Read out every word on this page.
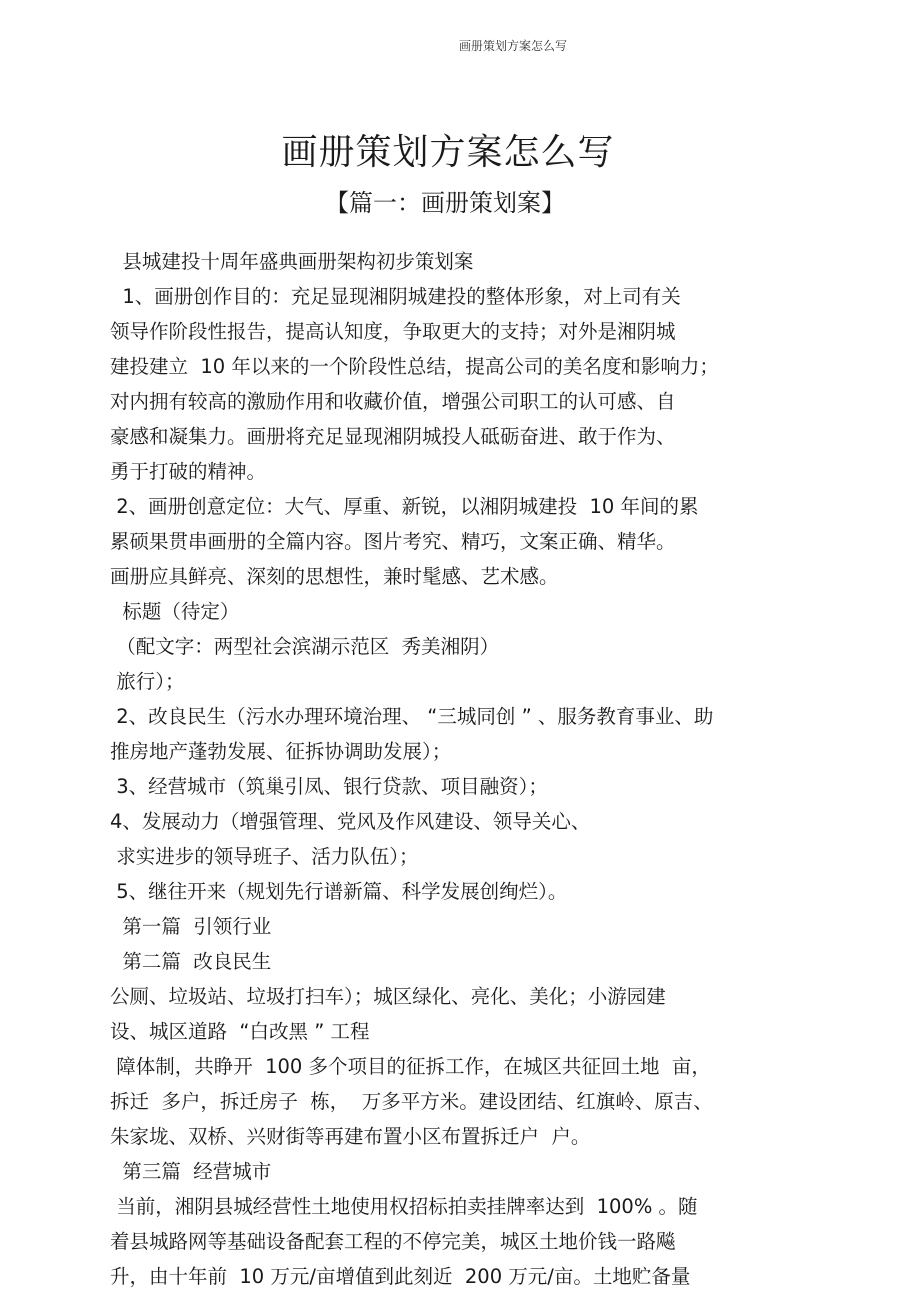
画册策划方案怎么写
画册策划方案怎么写
【篇一：画册策划案】
县城建投十周年盛典画册架构初步策划案
1、画册创作目的：充足显现湘阴城建投的整体形象，对上司有关
领导作阶段性报告，提高认知度，争取更大的支持；对外是湘阴城
建投建立  10 年以来的一个阶段性总结，提高公司的美名度和影响力；
对内拥有较高的激励作用和收藏价值，增强公司职工的认可感、自
豪感和凝集力。画册将充足显现湘阴城投人砥砺奋进、敢于作为、
勇于打破的精神。
2、画册创意定位：大气、厚重、新锐，以湘阴城建投  10 年间的累
累硕果贯串画册的全篇内容。图片考究、精巧，文案正确、精华。
画册应具鲜亮、深刻的思想性，兼时髦感、艺术感。
标题（待定）
（配文字：两型社会滨湖示范区  秀美湘阴）
旅行）；
2、改良民生（污水办理环境治理、 “三城同创 ” 、服务教育事业、助
推房地产蓬勃发展、征拆协调助发展）；
3、经营城市（筑巢引凤、银行贷款、项目融资）；
4、发展动力（增强管理、党风及作风建设、领导关心、
求实进步的领导班子、活力队伍）；
5、继往开来（规划先行谱新篇、科学发展创绚烂）。
第一篇  引领行业
第二篇  改良民生
公厕、垃圾站、垃圾打扫车）；城区绿化、亮化、美化；小游园建
设、城区道路  “白改黑 ” 工程
障体制，共睁开  100 多个项目的征拆工作，在城区共征回土地  亩，
拆迁  多户，拆迁房子  栋，  万多平方米。建设团结、红旗岭、原吉、
朱家垅、双桥、兴财街等再建布置小区布置拆迁户  户。
第三篇  经营城市
当前，湘阴县城经营性土地使用权招标拍卖挂牌率达到  100% 。随
着县城路网等基础设备配套工程的不停完美，城区土地价钱一路飚
升，由十年前  10 万元/亩增值到此刻近  200 万元/亩。土地贮备量
